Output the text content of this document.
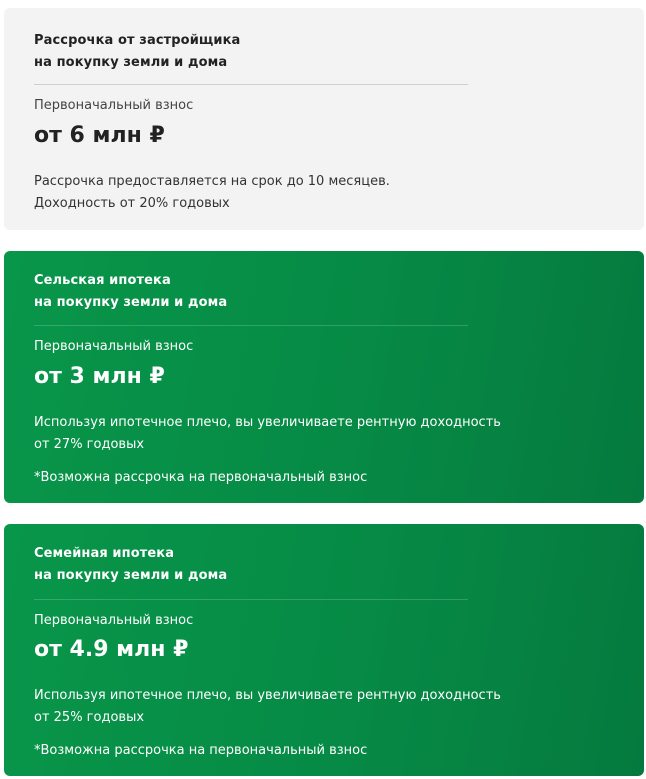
Рассрочка от застройщика
на покупку земли и дома
Первоначальный взнос
от 6 млн ₽
Рассрочка предоставляется на срок до 10 месяцев.
Доходность от 20% годовых
Сельская ипотека
на покупку земли и дома
Первоначальный взнос
от 3 млн ₽
Используя ипотечное плечо, вы увеличиваете рентную доходность
от 27% годовых
*Возможна рассрочка на первоначальный взнос
Семейная ипотека
на покупку земли и дома
Первоначальный взнос
от 4.9 млн ₽
Используя ипотечное плечо, вы увеличиваете рентную доходность
от 25% годовых
*Возможна рассрочка на первоначальный взнос
